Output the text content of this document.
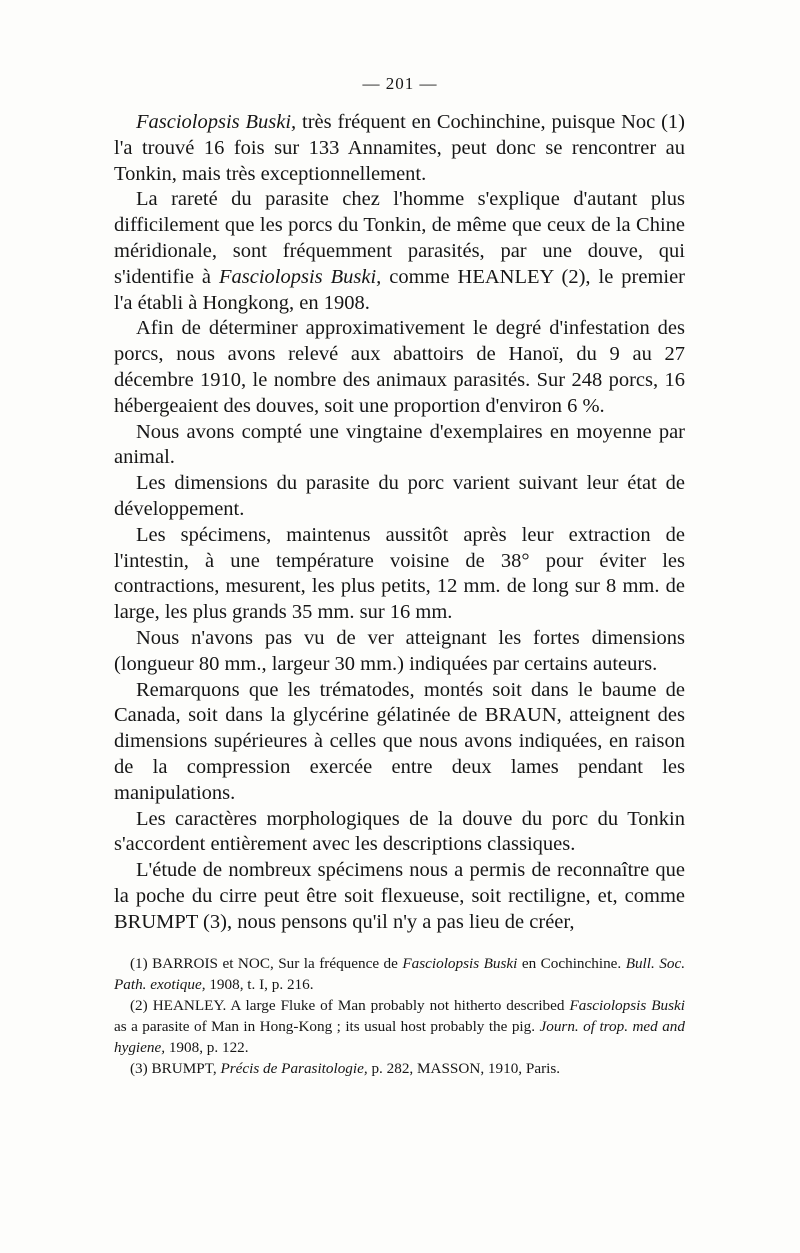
— 201 —

Fasciolopsis Buski, très fréquent en Cochinchine, puisque Noc (1) l'a trouvé 16 fois sur 133 Annamites, peut donc se rencontrer au Tonkin, mais très exceptionnellement.

La rareté du parasite chez l'homme s'explique d'autant plus difficilement que les porcs du Tonkin, de même que ceux de la Chine méridionale, sont fréquemment parasités, par une douve, qui s'identifie à Fasciolopsis Buski, comme HEANLEY (2), le premier l'a établi à Hongkong, en 1908.

Afin de déterminer approximativement le degré d'infestation des porcs, nous avons relevé aux abattoirs de Hanoï, du 9 au 27 décembre 1910, le nombre des animaux parasités. Sur 248 porcs, 16 hébergeaient des douves, soit une proportion d'environ 6 %.

Nous avons compté une vingtaine d'exemplaires en moyenne par animal.

Les dimensions du parasite du porc varient suivant leur état de développement.

Les spécimens, maintenus aussitôt après leur extraction de l'intestin, à une température voisine de 38° pour éviter les contractions, mesurent, les plus petits, 12 mm. de long sur 8 mm. de large, les plus grands 35 mm. sur 16 mm.

Nous n'avons pas vu de ver atteignant les fortes dimensions (longueur 80 mm., largeur 30 mm.) indiquées par certains auteurs.

Remarquons que les trématodes, montés soit dans le baume de Canada, soit dans la glycérine gélatinée de BRAUN, atteignent des dimensions supérieures à celles que nous avons indiquées, en raison de la compression exercée entre deux lames pendant les manipulations.

Les caractères morphologiques de la douve du porc du Tonkin s'accordent entièrement avec les descriptions classiques.

L'étude de nombreux spécimens nous a permis de reconnaître que la poche du cirre peut être soit flexueuse, soit rectiligne, et, comme BRUMPT (3), nous pensons qu'il n'y a pas lieu de créer,

(1) BARROIS et NOC, Sur la fréquence de Fasciolopsis Buski en Cochinchine. Bull. Soc. Path. exotique, 1908, t. I, p. 216.

(2) HEANLEY. A large Fluke of Man probably not hitherto described Fasciolopsis Buski as a parasite of Man in Hong-Kong ; its usual host probably the pig. Journ. of trop. med and hygiene, 1908, p. 122.

(3) BRUMPT, Précis de Parasitologie, p. 282, MASSON, 1910, Paris.
